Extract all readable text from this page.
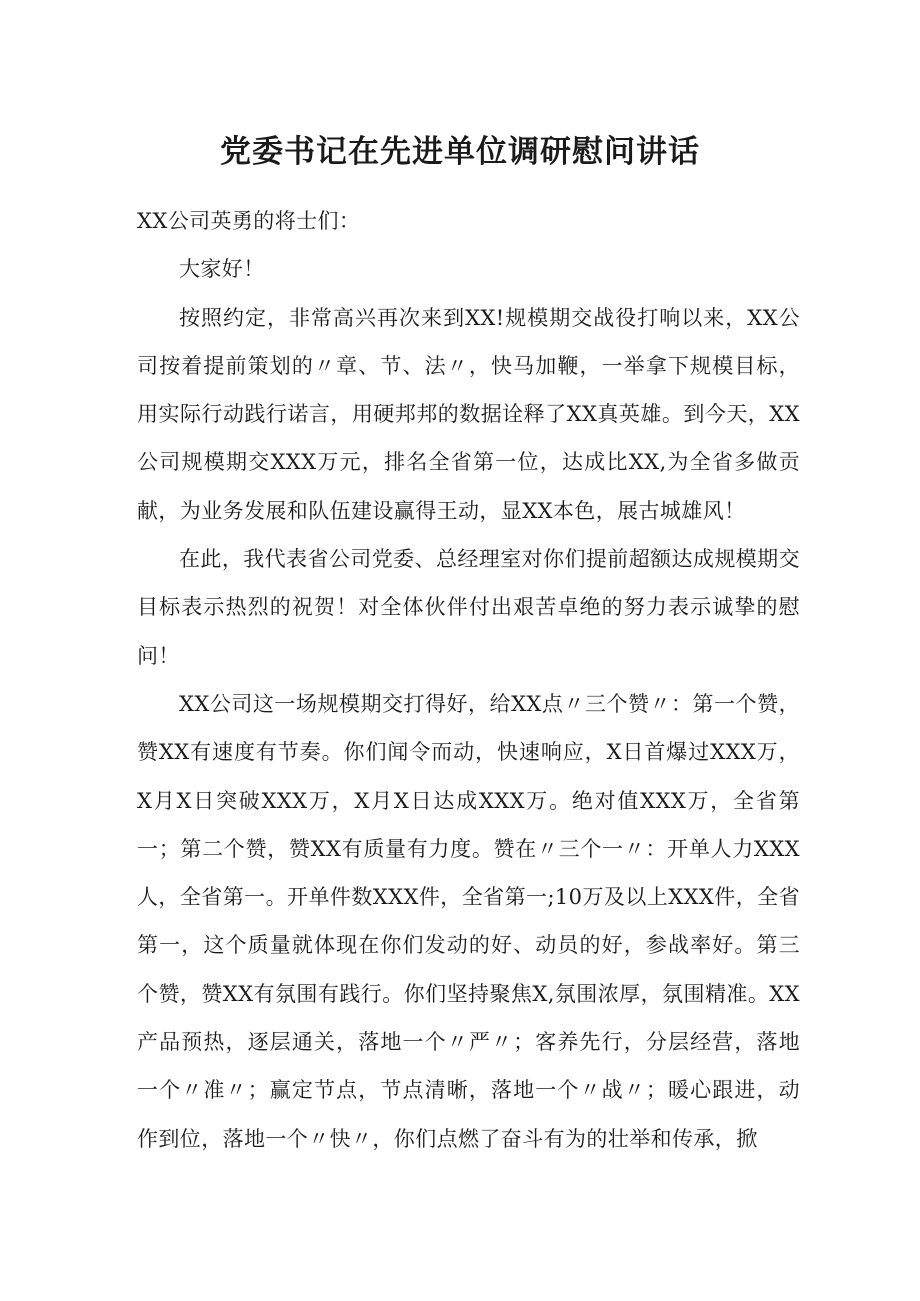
党委书记在先进单位调研慰问讲话

XX公司英勇的将士们：

大家好！

按照约定，非常高兴再次来到XX!规模期交战役打响以来，XX公司按着提前策划的〃章、节、法〃，快马加鞭，一举拿下规模目标，用实际行动践行诺言，用硬邦邦的数据诠释了XX真英雄。到今天，XX公司规模期交XXX万元，排名全省第一位，达成比XX,为全省多做贡献，为业务发展和队伍建设赢得王动，显XX本色，展古城雄风！

在此，我代表省公司党委、总经理室对你们提前超额达成规模期交目标表示热烈的祝贺！对全体伙伴付出艰苦卓绝的努力表示诚挚的慰问！

XX公司这一场规模期交打得好，给XX点〃三个赞〃：第一个赞，赞XX有速度有节奏。你们闻令而动，快速响应，X日首爆过XXX万，X月X日突破XXX万，X月X日达成XXX万。绝对值XXX万，全省第一；第二个赞，赞XX有质量有力度。赞在〃三个一〃：开单人力XXX人，全省第一。开单件数XXX件，全省第一;10万及以上XXX件，全省第一，这个质量就体现在你们发动的好、动员的好，参战率好。第三个赞，赞XX有氛围有践行。你们坚持聚焦X,氛围浓厚，氛围精准。XX产品预热，逐层通关，落地一个〃严〃；客养先行，分层经营，落地一个〃准〃；赢定节点，节点清晰，落地一个〃战〃；暖心跟进，动作到位，落地一个〃快〃，你们点燃了奋斗有为的壮举和传承，掀
